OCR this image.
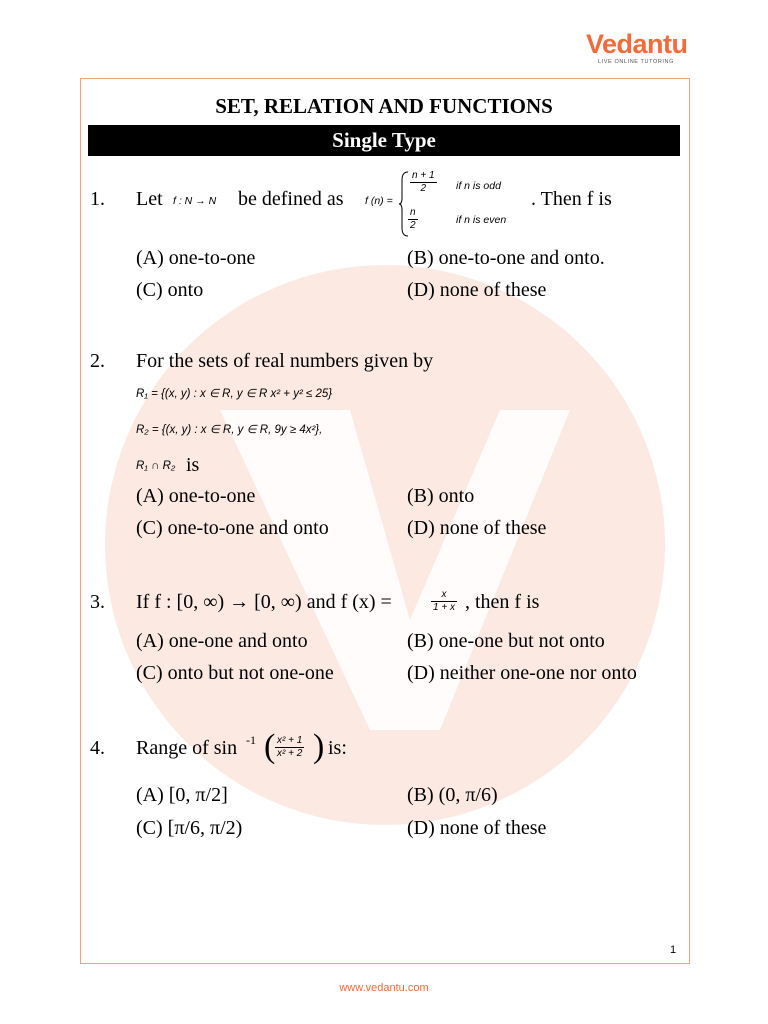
Vedantu
LIVE ONLINE TUTORING
SET, RELATION AND FUNCTIONS
Single Type
1. Let f : N → N be defined as f (n) =
$\frac{n + 1}{2}$ if n is odd
$\frac{n}{2}$	if n is even
. Then f is
(A) one-to-one	(B) one-to-one and onto.
(C) onto	(D) none of these
2. For the sets of real numbers given by
R₁ = {(x, y) : x ∈ R, y ∈ R x² + y² ≤ 25}
R₂ = {(x, y) : x ∈ R, y ∈ R, 9y ≥ 4x²},
R₁ ∩ R₂ is
(A) one-to-one	(B) onto
(C) one-to-one and onto	(D) none of these
3. If f : [0, ∞) → [0, ∞) and f (x) =	$\frac{x}{1 + x}$ , then f is
(A) one-one and onto	(B) one-one but not onto
(C) onto but not one-one	(D) neither one-one nor onto
4. Range of sin -1 ( $\frac{\text{x² + 1}}{\text{x² + 2}}$ ) is:
(A) [0, π/2]	(B) (0, π/6)
(C) [π/6, π/2)	(D) none of these
1
www.vedantu.com
